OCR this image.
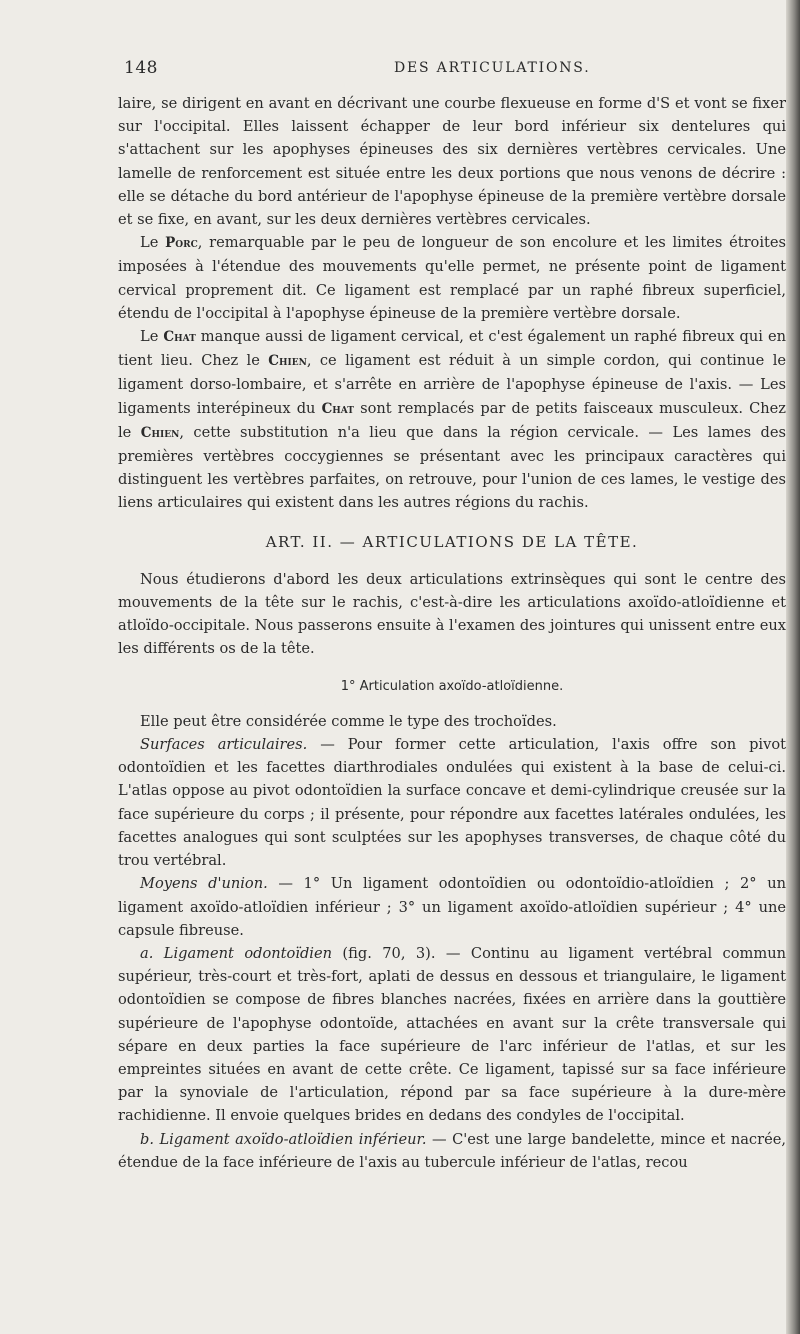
148	DES ARTICULATIONS.

laire, se dirigent en avant en décrivant une courbe flexueuse en forme d'S et vont se fixer sur l'occipital. Elles laissent échapper de leur bord inférieur six dentelures qui s'attachent sur les apophyses épineuses des six dernières vertèbres cervicales. Une lamelle de renforcement est située entre les deux portions que nous venons de décrire : elle se détache du bord antérieur de l'apophyse épineuse de la première vertèbre dorsale et se fixe, en avant, sur les deux dernières vertèbres cervicales.

Le Porc, remarquable par le peu de longueur de son encolure et les limites étroites imposées à l'étendue des mouvements qu'elle permet, ne présente point de ligament cervical proprement dit. Ce ligament est remplacé par un raphé fibreux superficiel, étendu de l'occipital à l'apophyse épineuse de la première vertèbre dorsale.

Le Chat manque aussi de ligament cervical, et c'est également un raphé fibreux qui en tient lieu. Chez le Chien, ce ligament est réduit à un simple cordon, qui continue le ligament dorso-lombaire, et s'arrête en arrière de l'apophyse épineuse de l'axis. — Les ligaments interépineux du Chat sont remplacés par de petits faisceaux musculeux. Chez le Chien, cette substitution n'a lieu que dans la région cervicale. — Les lames des premières vertèbres coccygiennes se présentant avec les principaux caractères qui distinguent les vertèbres parfaites, on retrouve, pour l'union de ces lames, le vestige des liens articulaires qui existent dans les autres régions du rachis.

ART. II. — ARTICULATIONS DE LA TÊTE.

Nous étudierons d'abord les deux articulations extrinsèques qui sont le centre des mouvements de la tête sur le rachis, c'est-à-dire les articulations axoïdo-atloïdienne et atloïdo-occipitale. Nous passerons ensuite à l'examen des jointures qui unissent entre eux les différents os de la tête.

1° Articulation axoïdo-atloïdienne.

Elle peut être considérée comme le type des trochoïdes.

Surfaces articulaires. — Pour former cette articulation, l'axis offre son pivot odontoïdien et les facettes diarthrodiales ondulées qui existent à la base de celui-ci. L'atlas oppose au pivot odontoïdien la surface concave et demi-cylindrique creusée sur la face supérieure du corps ; il présente, pour répondre aux facettes latérales ondulées, les facettes analogues qui sont sculptées sur les apophyses transverses, de chaque côté du trou vertébral.

Moyens d'union. — 1° Un ligament odontoïdien ou odontoïdio-atloïdien ; 2° un ligament axoïdo-atloïdien inférieur ; 3° un ligament axoïdo-atloïdien supérieur ; 4° une capsule fibreuse.

a. Ligament odontoïdien (fig. 70, 3). — Continu au ligament vertébral commun supérieur, très-court et très-fort, aplati de dessus en dessous et triangulaire, le ligament odontoïdien se compose de fibres blanches nacrées, fixées en arrière dans la gouttière supérieure de l'apophyse odontoïde, attachées en avant sur la crête transversale qui sépare en deux parties la face supérieure de l'arc inférieur de l'atlas, et sur les empreintes situées en avant de cette crête. Ce ligament, tapissé sur sa face inférieure par la synoviale de l'articulation, répond par sa face supérieure à la dure-mère rachidienne. Il envoie quelques brides en dedans des condyles de l'occipital.

b. Ligament axoïdo-atloïdien inférieur. — C'est une large bandelette, mince et nacrée, étendue de la face inférieure de l'axis au tubercule inférieur de l'atlas, recou
